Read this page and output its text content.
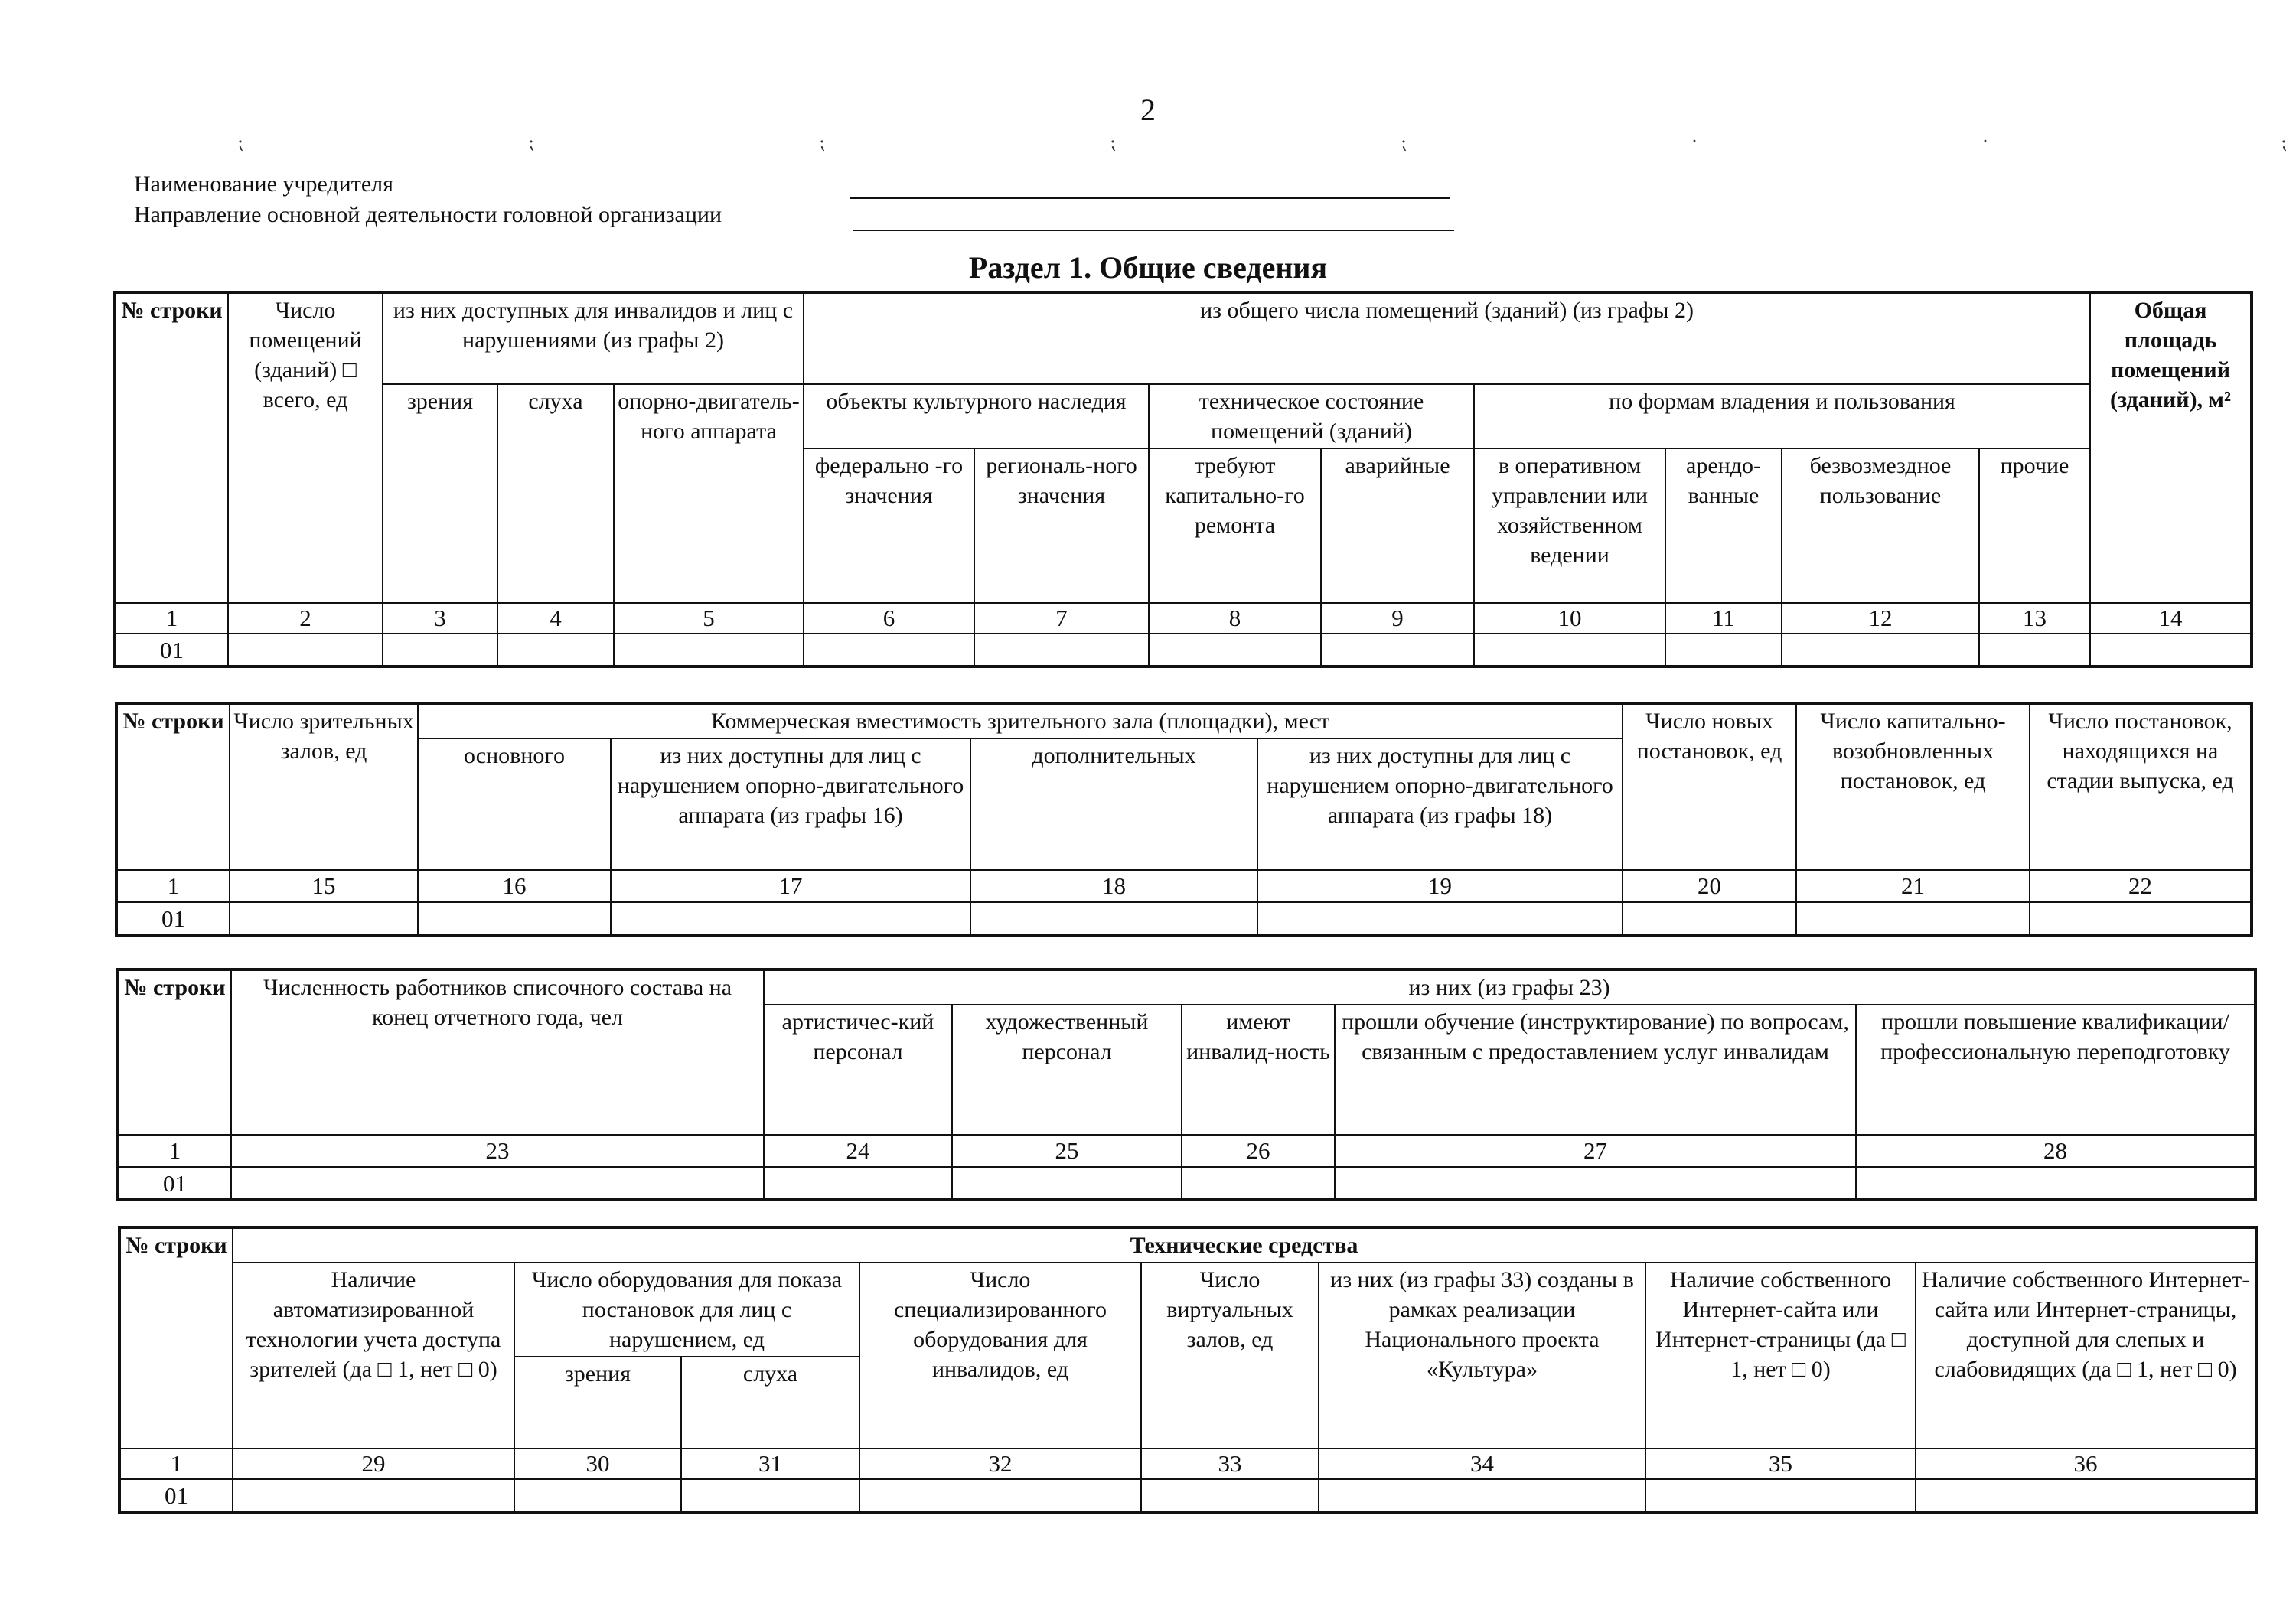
2
⁏	⁏	⁏	⁏	⁏	·	·	⁏
Наименование учредителя
Направление основной деятельности головной организации
Раздел 1. Общие сведения
№ строки	Число помещений (зданий) □ всего, ед	из них доступных для инвалидов и лиц с нарушениями (из графы 2)			из общего числа помещений (зданий) (из графы 2)								Общая площадь помещений (зданий), м²
		зрения	слуха	опорно-двигатель-ного аппарата	объекты культурного наследия		техническое состояние помещений (зданий)		по формам владения и пользования				
					федерально -го значения	региональ-ного значения	требуют капитально-го ремонта	аварийные	в оперативном управлении или хозяйственном ведении	арендо-ванные	безвозмездное пользование	прочие	
1	2	3	4	5	6	7	8	9	10	11	12	13	14
01													
№ строки	Число зрительных залов, ед	Коммерческая вместимость зрительного зала (площадки), мест				Число новых постановок, ед	Число капитально-возобновленных постановок, ед	Число постановок, находящихся на стадии выпуска, ед
		основного	из них доступны для лиц с нарушением опорно-двигательного аппарата (из графы 16)	дополнительных	из них доступны для лиц с нарушением опорно-двигательного аппарата (из графы 18)			
1	15	16	17	18	19	20	21	22
01								
№ строки	Численность работников списочного состава на конец отчетного года, чел	из них (из графы 23)				
		артистичес-кий персонал	художественный персонал	имеют инвалид-ность	прошли обучение (инструктирование) по вопросам, связанным с предоставлением услуг инвалидам	прошли повышение квалификации/ профессиональную переподготовку
1	23	24	25	26	27	28
01						
№ строки	Технические средства							
	Наличие автоматизированной технологии учета доступа зрителей (да □ 1, нет □ 0)	Число оборудования для показа постановок для лиц с нарушением, ед		Число специализированного оборудования для инвалидов, ед	Число виртуальных залов, ед	из них (из графы 33) созданы в рамках реализации Национального проекта «Культура»	Наличие собственного Интернет-сайта или Интернет-страницы (да □ 1, нет □ 0)	Наличие собственного Интернет-сайта или Интернет-страницы, доступной для слепых и слабовидящих (да □ 1, нет □ 0)
		зрения	слуха					
1	29	30	31	32	33	34	35	36
01								
